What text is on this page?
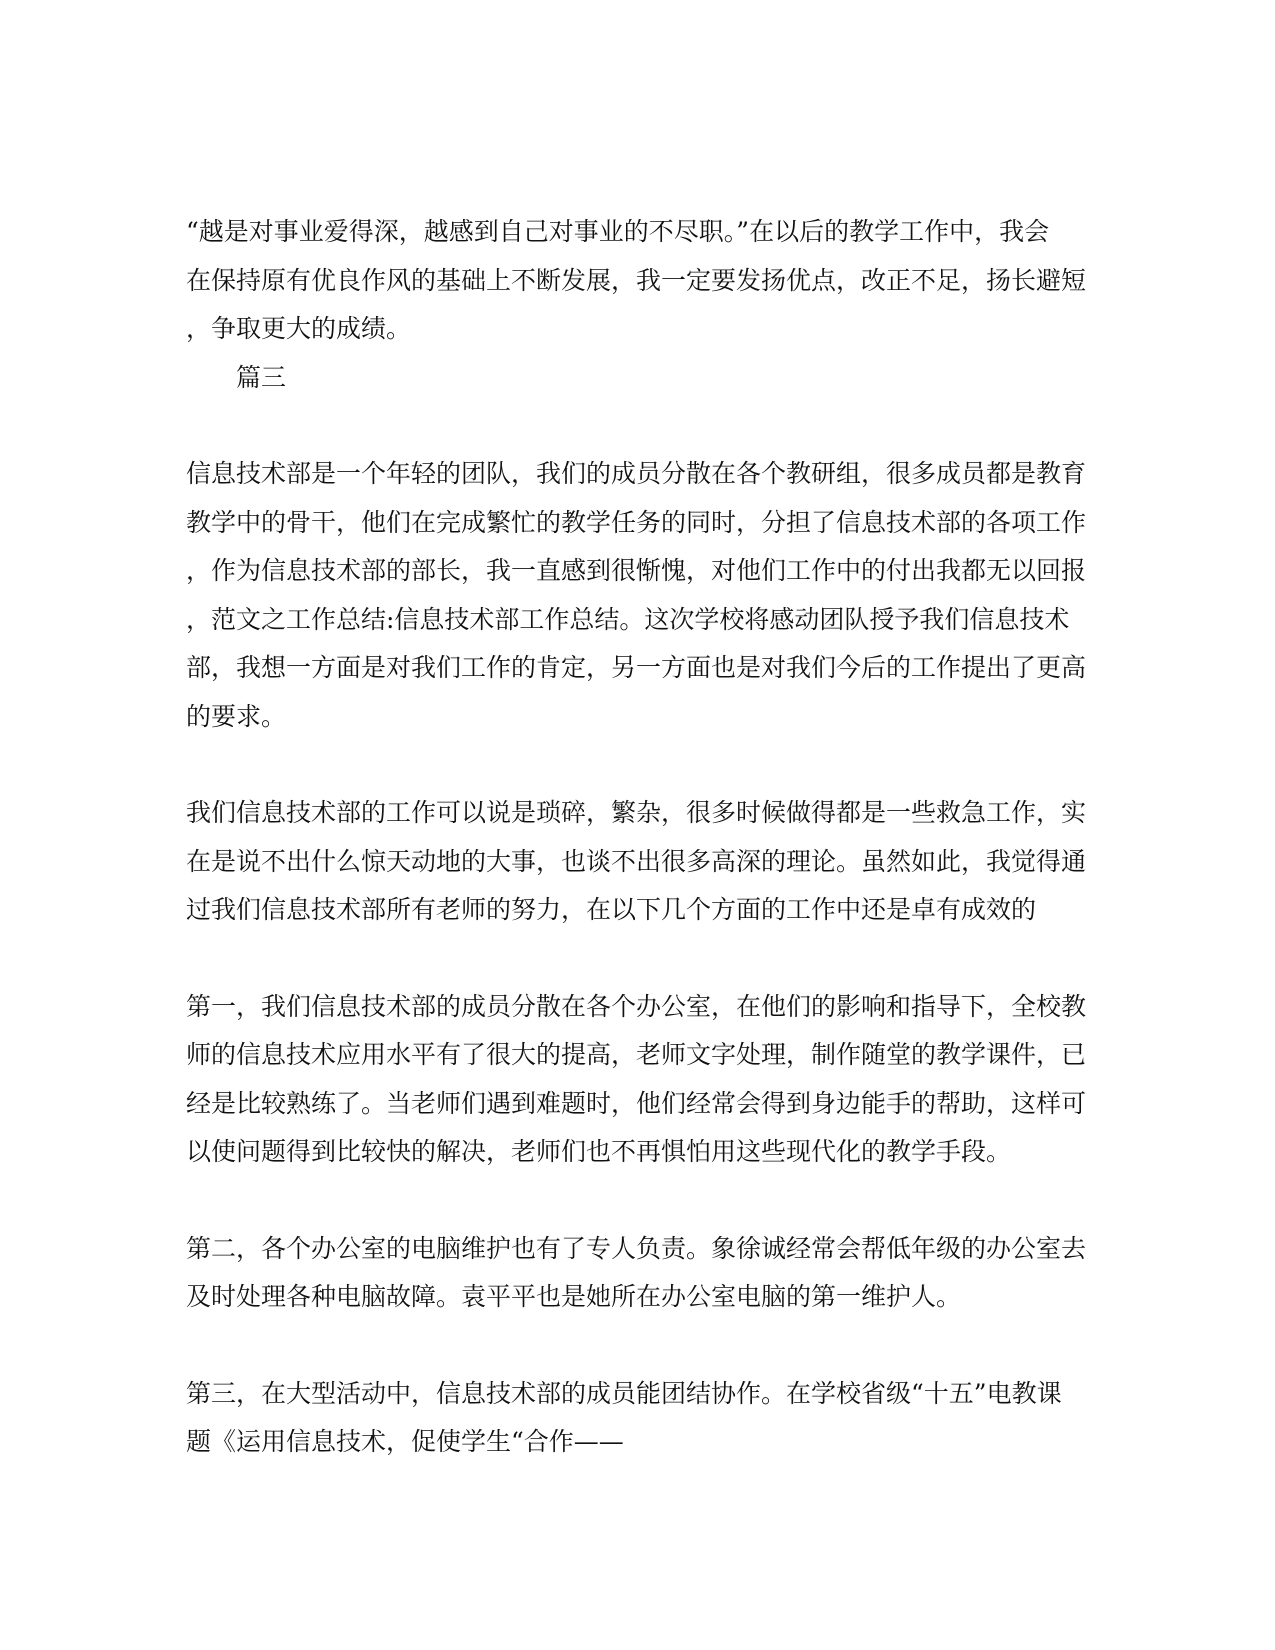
“越是对事业爱得深，越感到自己对事业的不尽职。”在以后的教学工作中，我会
在保持原有优良作风的基础上不断发展，我一定要发扬优点，改正不足，扬长避短
，争取更大的成绩。
篇三
信息技术部是一个年轻的团队，我们的成员分散在各个教研组，很多成员都是教育
教学中的骨干，他们在完成繁忙的教学任务的同时，分担了信息技术部的各项工作
，作为信息技术部的部长，我一直感到很惭愧，对他们工作中的付出我都无以回报
，范文之工作总结:信息技术部工作总结。这次学校将感动团队授予我们信息技术
部，我想一方面是对我们工作的肯定，另一方面也是对我们今后的工作提出了更高
的要求。
我们信息技术部的工作可以说是琐碎，繁杂，很多时候做得都是一些救急工作，实
在是说不出什么惊天动地的大事，也谈不出很多高深的理论。虽然如此，我觉得通
过我们信息技术部所有老师的努力，在以下几个方面的工作中还是卓有成效的
第一，我们信息技术部的成员分散在各个办公室，在他们的影响和指导下，全校教
师的信息技术应用水平有了很大的提高，老师文字处理，制作随堂的教学课件，已
经是比较熟练了。当老师们遇到难题时，他们经常会得到身边能手的帮助，这样可
以使问题得到比较快的解决，老师们也不再惧怕用这些现代化的教学手段。
第二，各个办公室的电脑维护也有了专人负责。象徐诚经常会帮低年级的办公室去
及时处理各种电脑故障。袁平平也是她所在办公室电脑的第一维护人。
第三，在大型活动中，信息技术部的成员能团结协作。在学校省级“十五”电教课
题《运用信息技术，促使学生“合作——
